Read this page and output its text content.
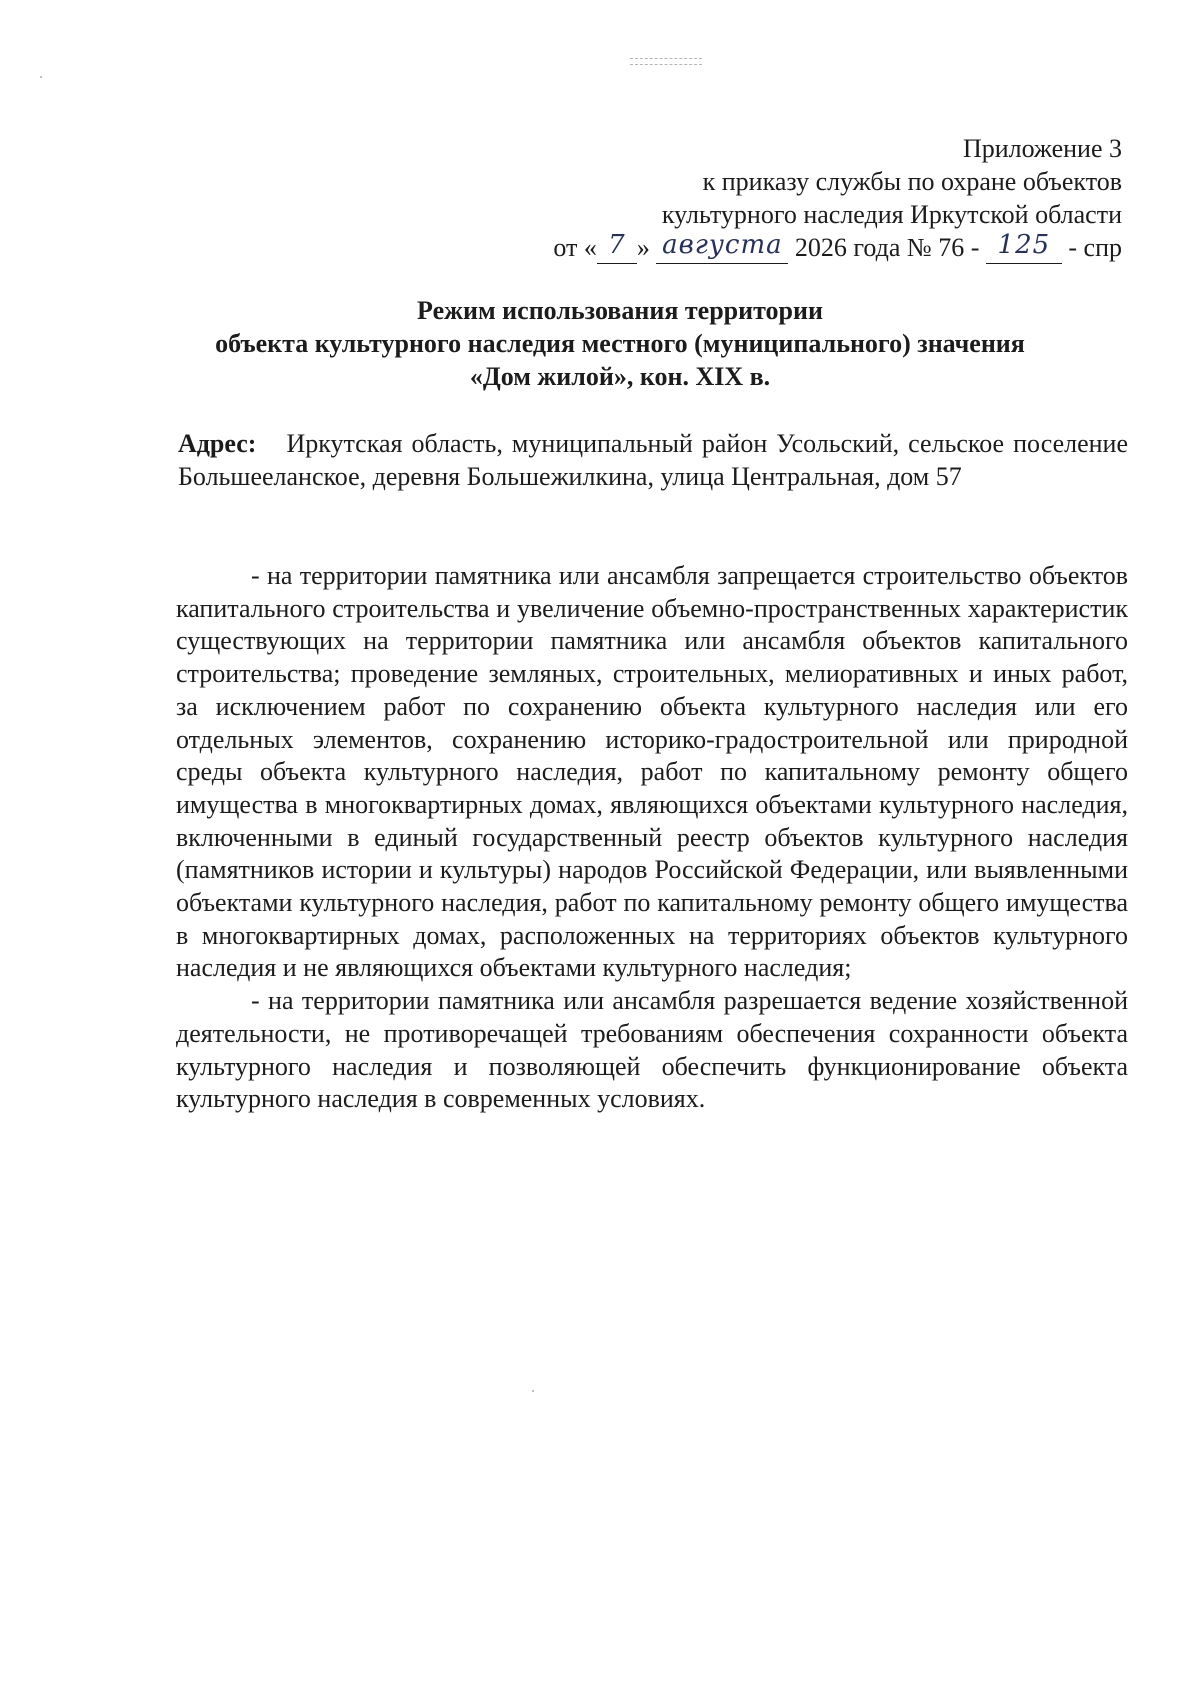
Приложение 3
к приказу службы по охране объектов
культурного наследия Иркутской области
от « 7 » августа 2026 года № 76 - 125 - спр
Режим использования территории
объекта культурного наследия местного (муниципального) значения
«Дом жилой», кон. XIX в.
Адрес: Иркутская область, муниципальный район Усольский, сельское поселение Большееланское, деревня Большежилкина, улица Центральная, дом 57

- на территории памятника или ансамбля запрещается строительство объектов капитального строительства и увеличение объемно-пространственных характеристик существующих на территории памятника или ансамбля объектов капитального строительства; проведение земляных, строительных, мелиоративных и иных работ, за исключением работ по сохранению объекта культурного наследия или его отдельных элементов, сохранению историко-градостроительной или природной среды объекта культурного наследия, работ по капитальному ремонту общего имущества в многоквартирных домах, являющихся объектами культурного наследия, включенными в единый государственный реестр объектов культурного наследия (памятников истории и культуры) народов Российской Федерации, или выявленными объектами культурного наследия, работ по капитальному ремонту общего имущества в многоквартирных домах, расположенных на территориях объектов культурного наследия и не являющихся объектами культурного наследия;

- на территории памятника или ансамбля разрешается ведение хозяйственной деятельности, не противоречащей требованиям обеспечения сохранности объекта культурного наследия и позволяющей обеспечить функционирование объекта культурного наследия в современных условиях.
